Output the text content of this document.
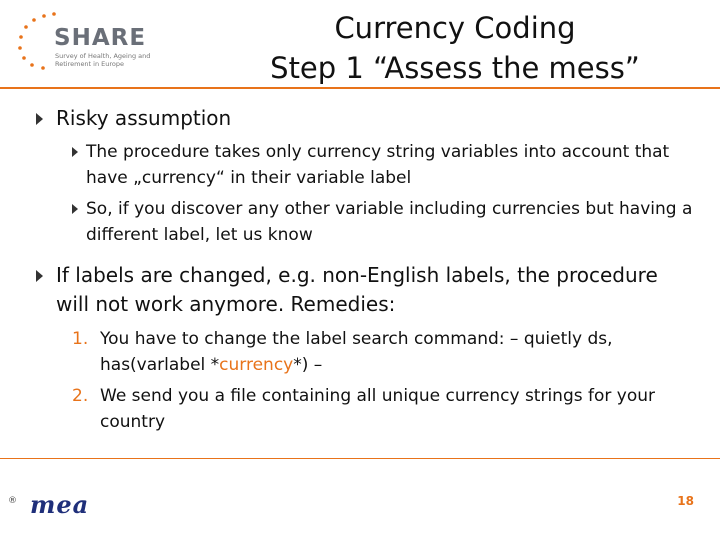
SHARE
Survey of Health, Ageing and Retirement in Europe
Currency Coding
Step 1 “Assess the mess”
Risky assumption
The procedure takes only currency string variables into account that have „currency“ in their variable label
So, if you discover any other variable including currencies but having a different label, let us know
If labels are changed, e.g. non-English labels, the procedure will not work anymore. Remedies:
1. You have to change the label search command: – quietly ds, has(varlabel *currency*) –
2. We send you a file containing all unique currency strings for your country
® mea	18
